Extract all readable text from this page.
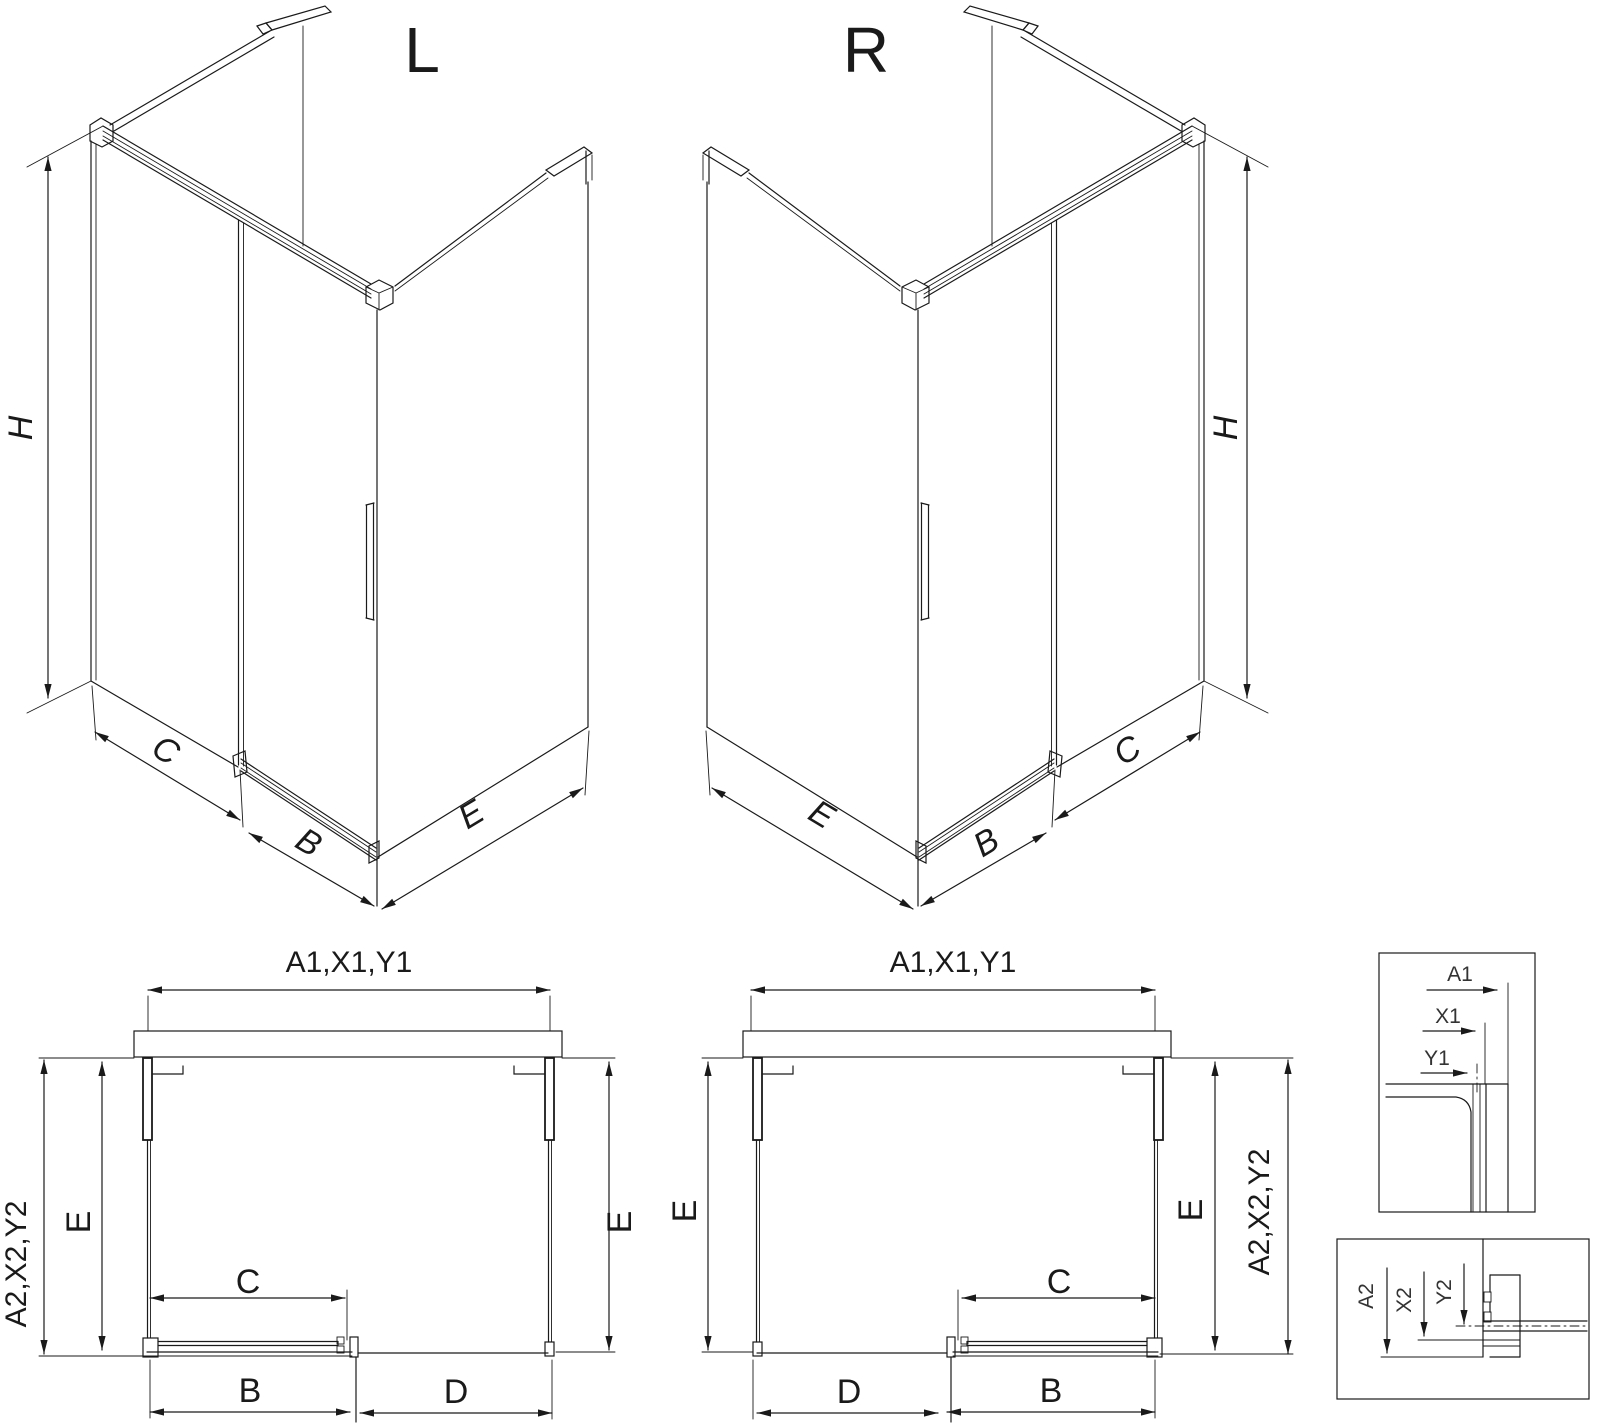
L
H
C
B
E
R
H
C
B
E
A1,X1,Y1
A2,X2,Y2 E	E
C
B	D
A1,X1,Y1
A2,X2,Y2
E	E
C
B
D
A1
X1
Y1
A2 X2 Y2
